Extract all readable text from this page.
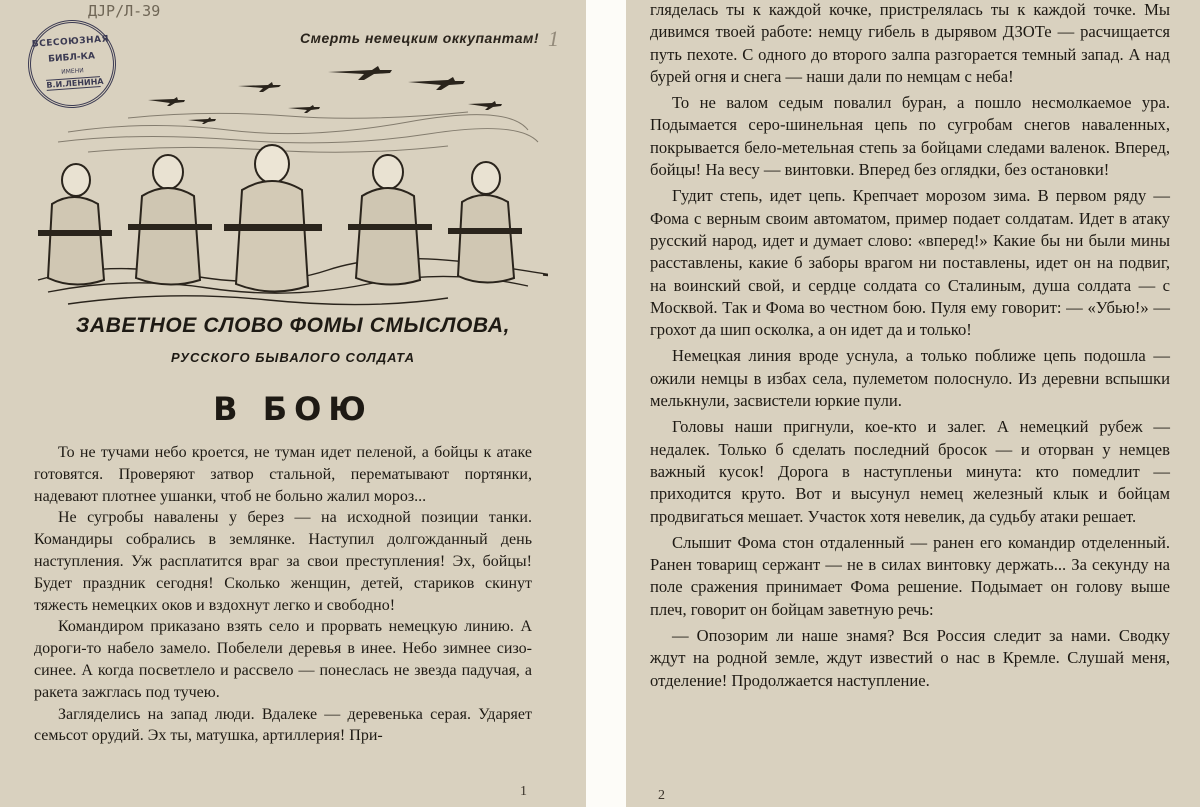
ДJР/Л-39
ВСЕСОЮЗНАЯ
БИБЛ-КА
ИМЕНИ
В.И.ЛЕНИНА
Смерть немецким оккупантам! 1
ЗАВЕТНОЕ СЛОВО ФОМЫ СМЫСЛОВА,
РУССКОГО БЫВАЛОГО СОЛДАТА
В БОЮ

То не тучами небо кроется, не туман идет пеленой, а бойцы к атаке готовятся. Проверяют затвор стальной, перематывают портянки, надевают плотнее ушанки, чтоб не больно жалил мороз...

Не сугробы навалены у берез — на исходной позиции танки. Командиры собрались в землянке. Наступил долгожданный день наступления. Уж расплатится враг за свои преступления! Эх, бойцы! Будет праздник сегодня! Сколько женщин, детей, стариков скинут тяжесть немецких оков и вздохнут легко и свободно!

Командиром приказано взять село и прорвать немецкую линию. А дороги-то набело замело. Побелели деревья в инее. Небо зимнее сизо-синее. А когда посветлело и рассвело — понеслась не звезда падучая, а ракета зажглась под тучею.

Загляделись на запад люди. Вдалеке — деревенька серая. Ударяет семьсот орудий. Эх ты, матушка, артиллерия! При-

1

гляделась ты к каждой кочке, пристрелялась ты к каждой точке. Мы дивимся твоей работе: немцу гибель в дырявом ДЗОТе — расчищается путь пехоте. С одного до второго залпа разгорается темный запад. А над бурей огня и снега — наши дали по немцам с неба!

То не валом седым повалил буран, а пошло несмолкаемое ура. Подымается серо-шинельная цепь по сугробам снегов наваленных, покрывается бело-метельная степь за бойцами следами валенок. Вперед, бойцы! На весу — винтовки. Вперед без оглядки, без остановки!

Гудит степь, идет цепь. Крепчает морозом зима. В первом ряду — Фома с верным своим автоматом, пример подает солдатам. Идет в атаку русский народ, идет и думает слово: «вперед!» Какие бы ни были мины расставлены, какие б заборы врагом ни поставлены, идет он на подвиг, на воинский свой, и сердце солдата со Сталиным, душа солдата — с Москвой. Так и Фома во честном бою. Пуля ему говорит: — «Убью!» — грохот да шип осколка, а он идет да и только!

Немецкая линия вроде уснула, а только поближе цепь подошла — ожили немцы в избах села, пулеметом полоснуло. Из деревни вспышки мелькнули, засвистели юркие пули.

Головы наши пригнули, кое-кто и залег. А немецкий рубеж — недалек. Только б сделать последний бросок — и оторван у немцев важный кусок! Дорога в наступленьи минута: кто помедлит — приходится круто. Вот и высунул немец железный клык и бойцам продвигаться мешает. Участок хотя невелик, да судьбу атаки решает.

Слышит Фома стон отдаленный — ранен его командир отделенный. Ранен товарищ сержант — не в силах винтовку держать... За секунду на поле сражения принимает Фома решение. Подымает он голову выше плеч, говорит он бойцам заветную речь:

— Опозорим ли наше знамя? Вся Россия следит за нами. Сводку ждут на родной земле, ждут известий о нас в Кремле. Слушай меня, отделение! Продолжается наступление.

2
